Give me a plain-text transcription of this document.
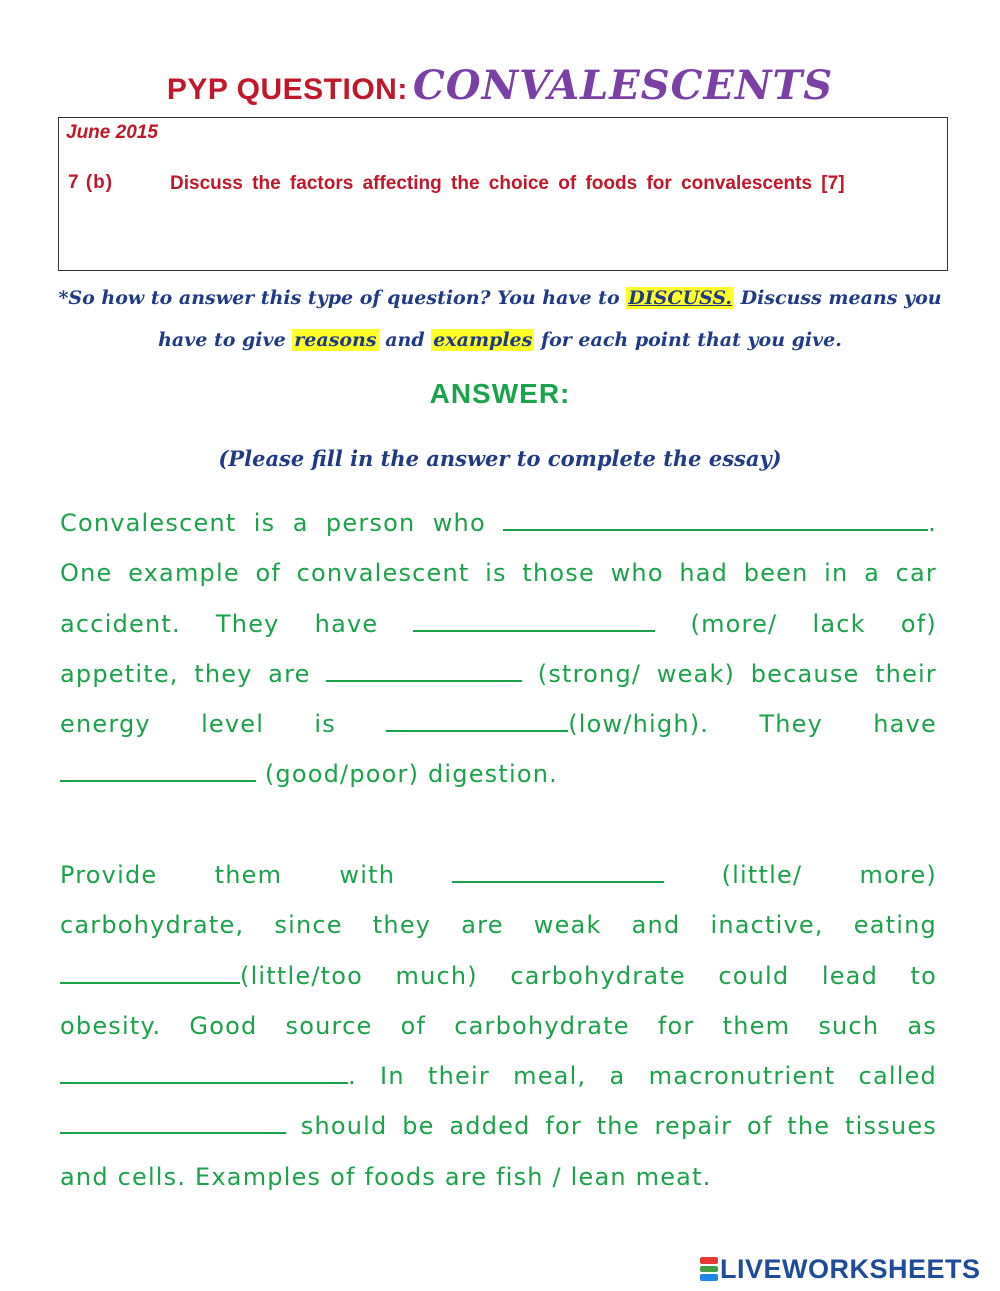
PYP QUESTION: CONVALESCENTS
June 2015
7 (b)	Discuss the factors affecting the choice of foods for convalescents [7]
*So how to answer this type of question? You have to DISCUSS. Discuss means you have to give reasons and examples for each point that you give.
ANSWER:
(Please fill in the answer to complete the essay)
Convalescent is a person who	.
One example of convalescent is those who had been in a car
accident. They have	(more/ lack of)
appetite, they are	(strong/ weak) because their
energy level is	(low/high). They have
(good/poor) digestion.
Provide them with	(little/ more)
carbohydrate, since they are weak and inactive, eating
(little/too much) carbohydrate could lead to
obesity. Good source of carbohydrate for them such as
. In their meal, a macronutrient called
should be added for the repair of the tissues
and cells. Examples of foods are fish / lean meat.
LIVEWORKSHEETS
